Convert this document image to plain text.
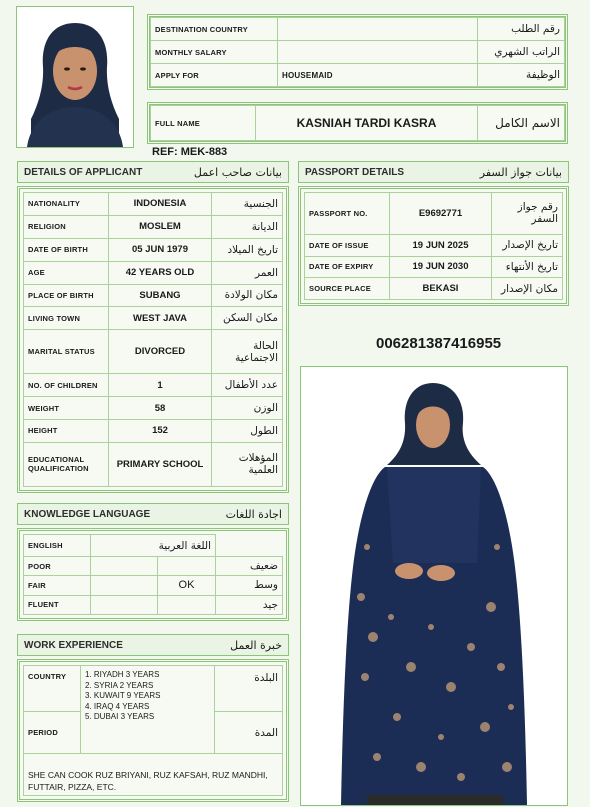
DESTINATION COUNTRY		رقم الطلب
MONTHLY SALARY		الراتب الشهري
APPLY FOR	HOUSEMAID	الوظيفة
FULL NAME	KASNIAH TARDI KASRA	الاسم الكامل
REF: MEK-883
DETAILS OF APPLICANT	بيانات صاحب اعمل
NATIONALITY	INDONESIA	الجنسية
RELIGION	MOSLEM	الديانة
DATE OF BIRTH	05 JUN 1979	تاريخ الميلاد
AGE	42 YEARS OLD	العمر
PLACE OF BIRTH	SUBANG	مكان الولادة
LIVING TOWN	WEST JAVA	مكان السكن
MARITAL STATUS	DIVORCED	الحالة الاجتماعية
NO. OF CHILDREN	1	عدد الأطفال
WEIGHT	58	الوزن
HEIGHT	152	الطول
EDUCATIONAL QUALIFICATION	PRIMARY SCHOOL	المؤهلات العلمية
PASSPORT DETAILS	بيانات جواز السفر
PASSPORT NO.	E9692771	رقم جواز السفر
DATE OF ISSUE	19 JUN 2025	تاريخ الإصدار
DATE OF EXPIRY	19 JUN 2030	تاريخ الأنتهاء
SOURCE PLACE	BEKASI	مكان الإصدار
006281387416955
KNOWLEDGE LANGUAGE	اجادة اللغات
ENGLISH	اللغة العربية		
POOR			ضعيف
FAIR		OK	وسط
FLUENT			جيد
WORK EXPERIENCE	خبرة العمل
COUNTRY	1. RIYADH 3 YEARS
2. SYRIA 2 YEARS
3. KUWAIT 9 YEARS
4. IRAQ 4 YEARS
5. DUBAI 3 YEARS	البلدة
PERIOD		المدة
SHE CAN COOK RUZ BRIYANI, RUZ KAFSAH, RUZ MANDHI, FUTTAIR, PIZZA, ETC.		
